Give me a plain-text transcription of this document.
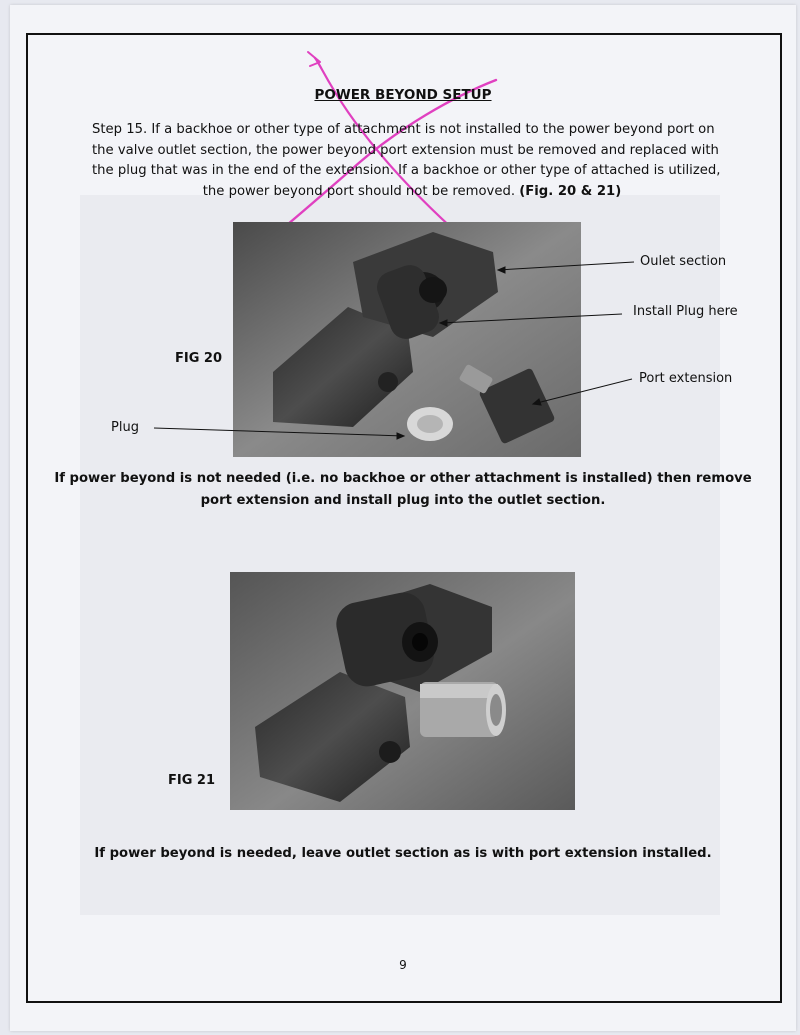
POWER BEYOND SETUP
Step 15. If a backhoe or other type of attachment is not installed to the power beyond port on the valve outlet section, the power beyond port extension must be removed and replaced with the plug that was in the end of the extension. If a backhoe or other type of attached is utilized,
the power beyond port should not be removed. (Fig. 20 & 21)
FIG 20
Oulet section
Install Plug here
Port extension
Plug
If power beyond is not needed (i.e. no backhoe or other attachment is installed) then remove
port extension and install plug into the outlet section.
FIG 21
If power beyond is needed, leave outlet section as is with port extension installed.
9
